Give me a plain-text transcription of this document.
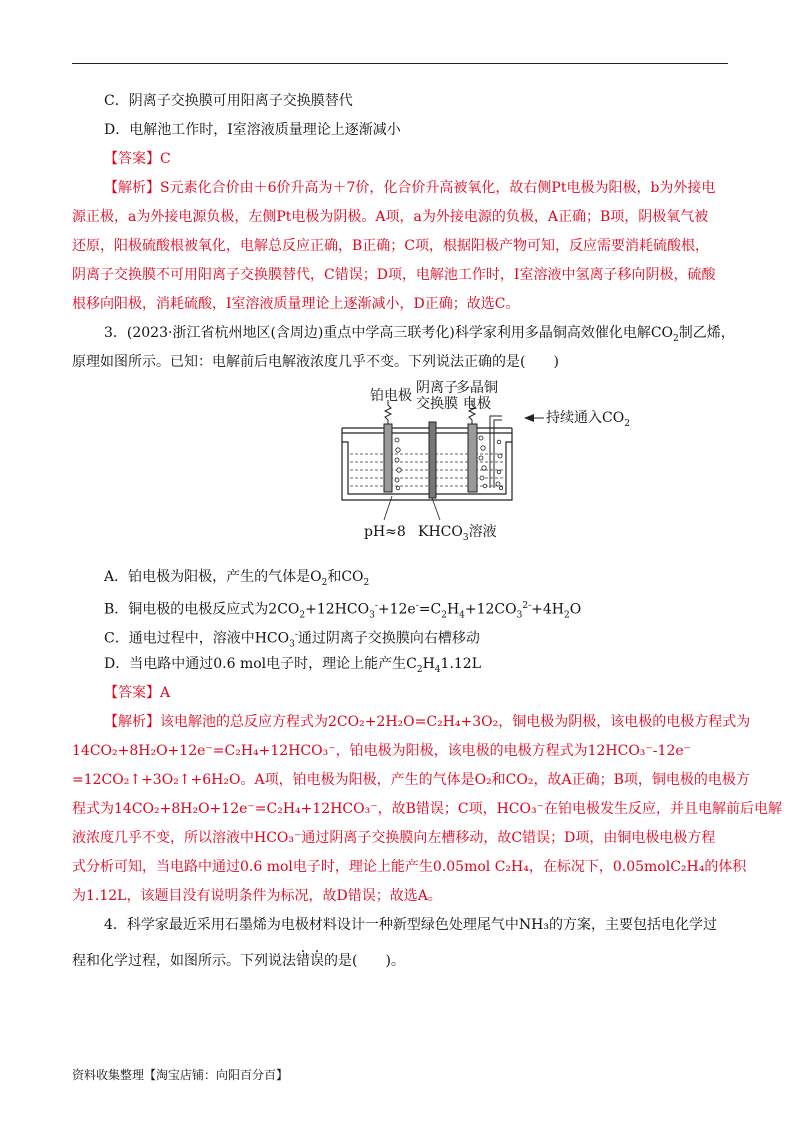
C．阴离子交换膜可用阳离子交换膜替代
D．电解池工作时，I室溶液质量理论上逐渐减小
【答案】C
【解析】S元素化合价由＋6价升高为＋7价，化合价升高被氧化，故右侧Pt电极为阳极，b为外接电
源正极，a为外接电源负极，左侧Pt电极为阴极。A项，a为外接电源的负极，A正确；B项，阴极氧气被
还原，阳极硫酸根被氧化，电解总反应正确，B正确；C项，根据阳极产物可知，反应需要消耗硫酸根，
阴离子交换膜不可用阳离子交换膜替代，C错误；D项，电解池工作时，I室溶液中氢离子移向阴极，硫酸
根移向阳极，消耗硫酸，I室溶液质量理论上逐渐减小，D正确；故选C。
3．(2023·浙江省杭州地区(含周边)重点中学高三联考化)科学家利用多晶铜高效催化电解$CO_2$制乙烯，
原理如图所示。已知：电解前后电解液浓度几乎不变。下列说法正确的是(　　)
铂电极 阴离子
交换膜
多晶铜
电极
持续通入$CO_2$
pH≈8 $KHCO_3$溶液
A．铂电极为阳极，产生的气体是$O_2$和$CO_2$
B．铜电极的电极反应式为$2CO_2+12HCO_3^-+12e^-=C_2H_4+12CO_3^{2-}+4H_2O$
C．通电过程中，溶液中$HCO_3^-$通过阴离子交换膜向右槽移动
D．当电路中通过0.6 mol电子时，理论上能产生$C_2H_41.12L$
【答案】A
【解析】该电解池的总反应方程式为2CO₂+2H₂O=C₂H₄+3O₂，铜电极为阴极，该电极的电极方程式为
14CO₂+8H₂O+12e⁻=C₂H₄+12HCO₃⁻，铂电极为阳极，该电极的电极方程式为12HCO₃⁻-12e⁻
=12CO₂↑+3O₂↑+6H₂O。A项，铂电极为阳极，产生的气体是O₂和CO₂，故A正确；B项，铜电极的电极方
程式为14CO₂+8H₂O+12e⁻=C₂H₄+12HCO₃⁻，故B错误；C项，HCO₃⁻在铂电极发生反应，并且电解前后电解
液浓度几乎不变，所以溶液中HCO₃⁻通过阴离子交换膜向左槽移动，故C错误；D项，由铜电极电极方程
式分析可知，当电路中通过0.6 mol电子时，理论上能产生0.05mol C₂H₄，在标况下，0.05molC₂H₄的体积
为1.12L，该题目没有说明条件为标况，故D错误；故选A。
4．科学家最近采用石墨烯为电极材料设计一种新型绿色处理尾气中NH₃的方案，主要包括电化学过
程和化学过程，如图所示。下列说法错误的是(　　)。
资料收集整理【淘宝店铺：向阳百分百】
